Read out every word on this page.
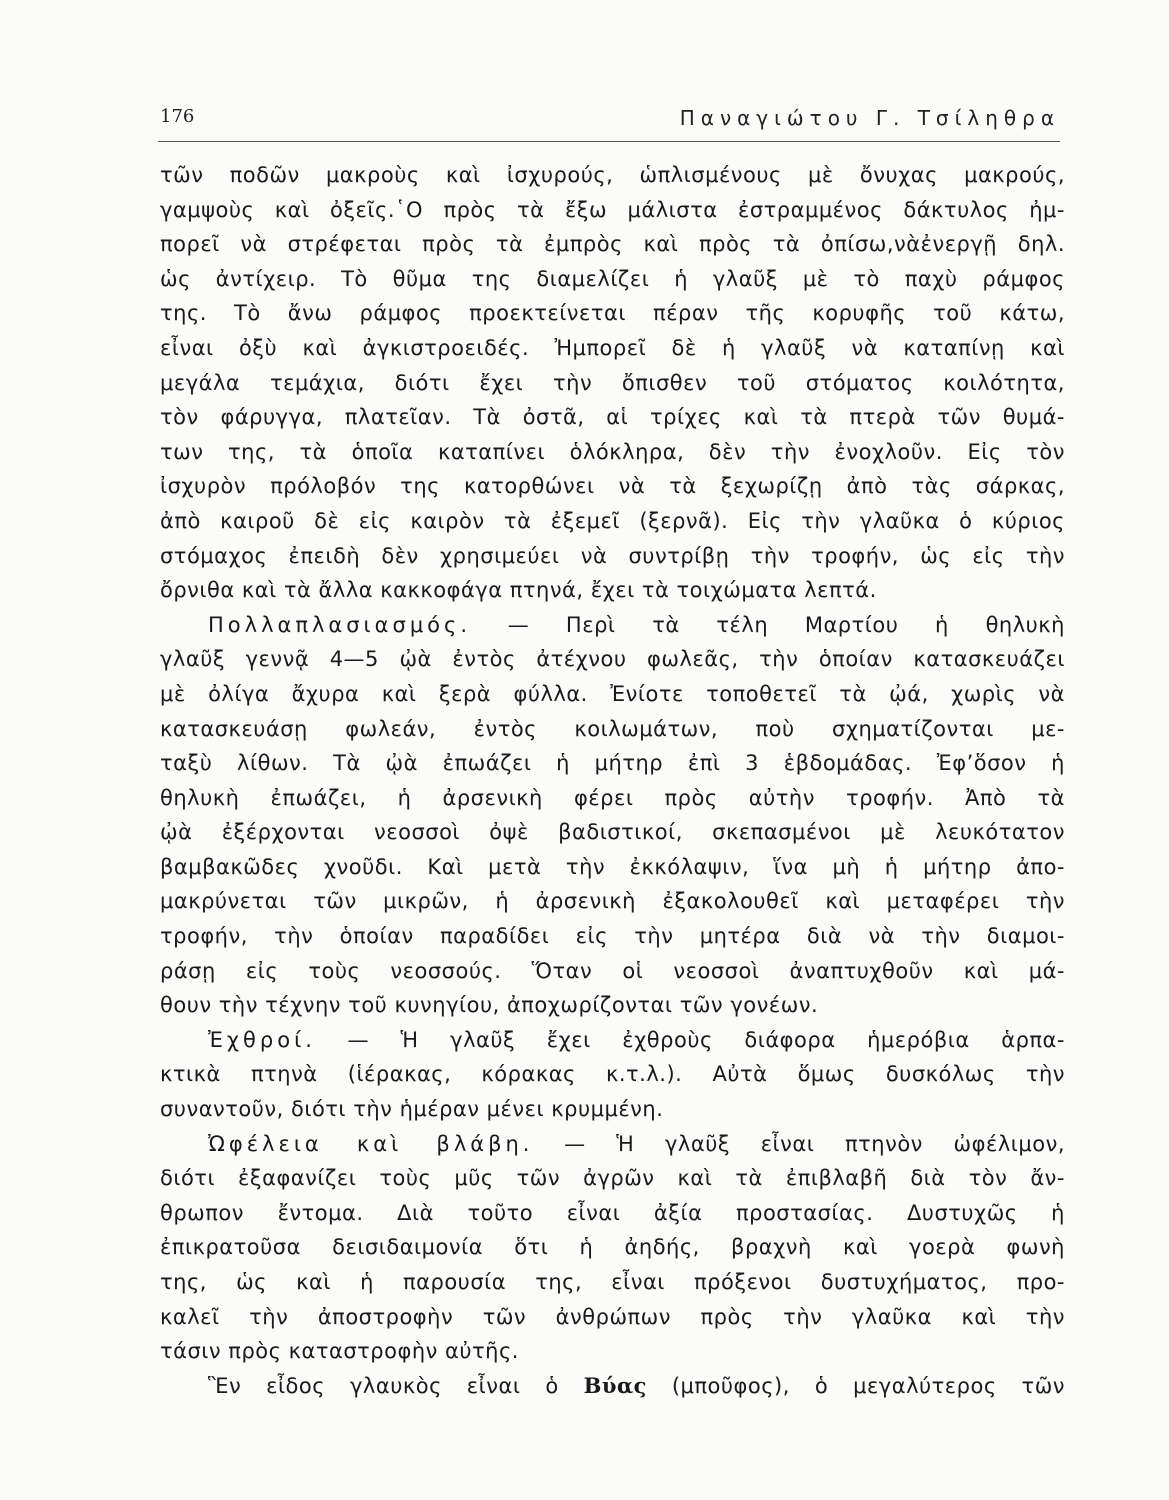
176	Παναγιώτου Γ. Τσίληθρα
τῶν ποδῶν μακροὺς καὶ ἰσχυρούς, ὡπλισμένους μὲ ὄνυχας μακρούς,
γαμψοὺς καὶ ὀξεῖς.῾Ο πρὸς τὰ ἔξω μάλιστα ἐστραμμένος δάκτυλος ἠμ-
πορεῖ νὰ στρέφεται πρὸς τὰ ἐμπρὸς καὶ πρὸς τὰ ὀπίσω,νὰἐνεργῇ δηλ.
ὡς ἀντίχειρ. Τὸ θῦμα της διαμελίζει ἡ γλαῦξ μὲ τὸ παχὺ ράμφος
της. Τὸ ἄνω ράμφος προεκτείνεται πέραν τῆς κορυφῆς τοῦ κάτω,
εἶναι ὀξὺ καὶ ἀγκιστροειδές. Ἠμπορεῖ δὲ ἡ γλαῦξ νὰ καταπίνῃ καὶ
μεγάλα τεμάχια, διότι ἔχει τὴν ὄπισθεν τοῦ στόματος κοιλότητα,
τὸν φάρυγγα, πλατεῖαν. Τὰ ὀστᾶ, αἱ τρίχες καὶ τὰ πτερὰ τῶν θυμά-
των της, τὰ ὁποῖα καταπίνει ὁλόκληρα, δὲν τὴν ἐνοχλοῦν. Εἰς τὸν
ἰσχυρὸν πρόλοβόν της κατορθώνει νὰ τὰ ξεχωρίζῃ ἀπὸ τὰς σάρκας,
ἀπὸ καιροῦ δὲ εἰς καιρὸν τὰ ἐξεμεῖ (ξερνᾶ). Εἰς τὴν γλαῦκα ὁ κύριος
στόμαχος ἐπειδὴ δὲν χρησιμεύει νὰ συντρίβῃ τὴν τροφήν, ὡς εἰς τὴν
ὄρνιθα καὶ τὰ ἄλλα κακκοφάγα πτηνά, ἔχει τὰ τοιχώματα λεπτά.
Πολλαπλασιασμός. — Περὶ τὰ τέλη Μαρτίου ἡ θηλυκὴ
γλαῦξ γεννᾷ 4—5 ᾠὰ ἐντὸς ἀτέχνου φωλεᾶς, τὴν ὁποίαν κατασκευάζει
μὲ ὀλίγα ἄχυρα καὶ ξερὰ φύλλα. Ἐνίοτε τοποθετεῖ τὰ ᾠά, χωρὶς νὰ
κατασκευάσῃ φωλεάν, ἐντὸς κοιλωμάτων, ποὺ σχηματίζονται με-
ταξὺ λίθων. Τὰ ᾠὰ ἐπωάζει ἡ μήτηρ ἐπὶ 3 ἑβδομάδας. Ἐφ’ὅσον ἡ
θηλυκὴ ἐπωάζει, ἡ ἀρσενικὴ φέρει πρὸς αὐτὴν τροφήν. Ἀπὸ τὰ
ᾠὰ ἐξέρχονται νεοσσοὶ ὀψὲ βαδιστικοί, σκεπασμένοι μὲ λευκότατον
βαμβακῶδες χνοῦδι. Καὶ μετὰ τὴν ἐκκόλαψιν, ἵνα μὴ ἡ μήτηρ ἀπο-
μακρύνεται τῶν μικρῶν, ἡ ἀρσενικὴ ἐξακολουθεῖ καὶ μεταφέρει τὴν
τροφήν, τὴν ὁποίαν παραδίδει εἰς τὴν μητέρα διὰ νὰ τὴν διαμοι-
ράσῃ εἰς τοὺς νεοσσούς. Ὅταν οἱ νεοσσοὶ ἀναπτυχθοῦν καὶ μά-
θουν τὴν τέχνην τοῦ κυνηγίου, ἀποχωρίζονται τῶν γονέων.
Ἐχθροί. — Ἡ γλαῦξ ἔχει ἐχθροὺς διάφορα ἡμερόβια ἁρπα-
κτικὰ πτηνὰ (ἱέρακας, κόρακας κ.τ.λ.). Αὐτὰ ὅμως δυσκόλως τὴν
συναντοῦν, διότι τὴν ἡμέραν μένει κρυμμένη.
Ὠφέλεια καὶ βλάβη. — Ἡ γλαῦξ εἶναι πτηνὸν ὠφέλιμον,
διότι ἐξαφανίζει τοὺς μῦς τῶν ἀγρῶν καὶ τὰ ἐπιβλαβῆ διὰ τὸν ἄν-
θρωπον ἔντομα. Διὰ τοῦτο εἶναι ἀξία προστασίας. Δυστυχῶς ἡ
ἐπικρατοῦσα δεισιδαιμονία ὅτι ἡ ἀηδής, βραχνὴ καὶ γοερὰ φωνὴ
της, ὡς καὶ ἡ παρουσία της, εἶναι πρόξενοι δυστυχήματος, προ-
καλεῖ τὴν ἀποστροφὴν τῶν ἀνθρώπων πρὸς τὴν γλαῦκα καὶ τὴν
τάσιν πρὸς καταστροφὴν αὐτῆς.
Ἓν εἶδος γλαυκὸς εἶναι ὁ Βύας (μποῦφος), ὁ μεγαλύτερος τῶν
